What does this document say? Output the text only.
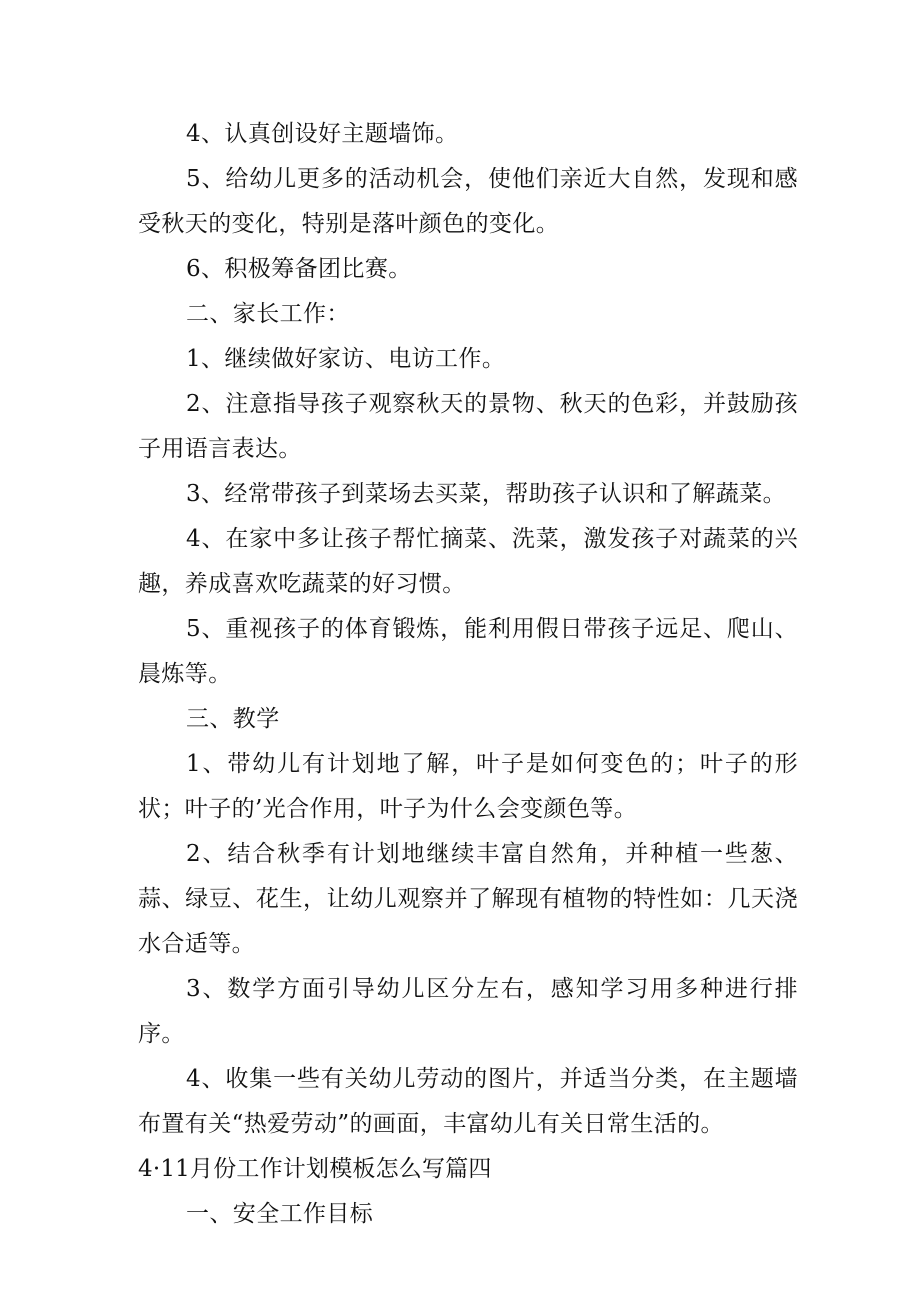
4、认真创设好主题墙饰。

5、给幼儿更多的活动机会，使他们亲近大自然，发现和感受秋天的变化，特别是落叶颜色的变化。

6、积极筹备团比赛。

二、家长工作：

1、继续做好家访、电访工作。

2、注意指导孩子观察秋天的景物、秋天的色彩，并鼓励孩子用语言表达。

3、经常带孩子到菜场去买菜，帮助孩子认识和了解蔬菜。

4、在家中多让孩子帮忙摘菜、洗菜，激发孩子对蔬菜的兴趣，养成喜欢吃蔬菜的好习惯。

5、重视孩子的体育锻炼，能利用假日带孩子远足、爬山、晨炼等。

三、教学

1、带幼儿有计划地了解，叶子是如何变色的；叶子的形状；叶子的’光合作用，叶子为什么会变颜色等。

2、结合秋季有计划地继续丰富自然角，并种植一些葱、蒜、绿豆、花生，让幼儿观察并了解现有植物的特性如：几天浇水合适等。

3、数学方面引导幼儿区分左右，感知学习用多种进行排序。

4、收集一些有关幼儿劳动的图片，并适当分类，在主题墙布置有关“热爱劳动”的画面，丰富幼儿有关日常生活的。

4·11月份工作计划模板怎么写篇四

一、安全工作目标
